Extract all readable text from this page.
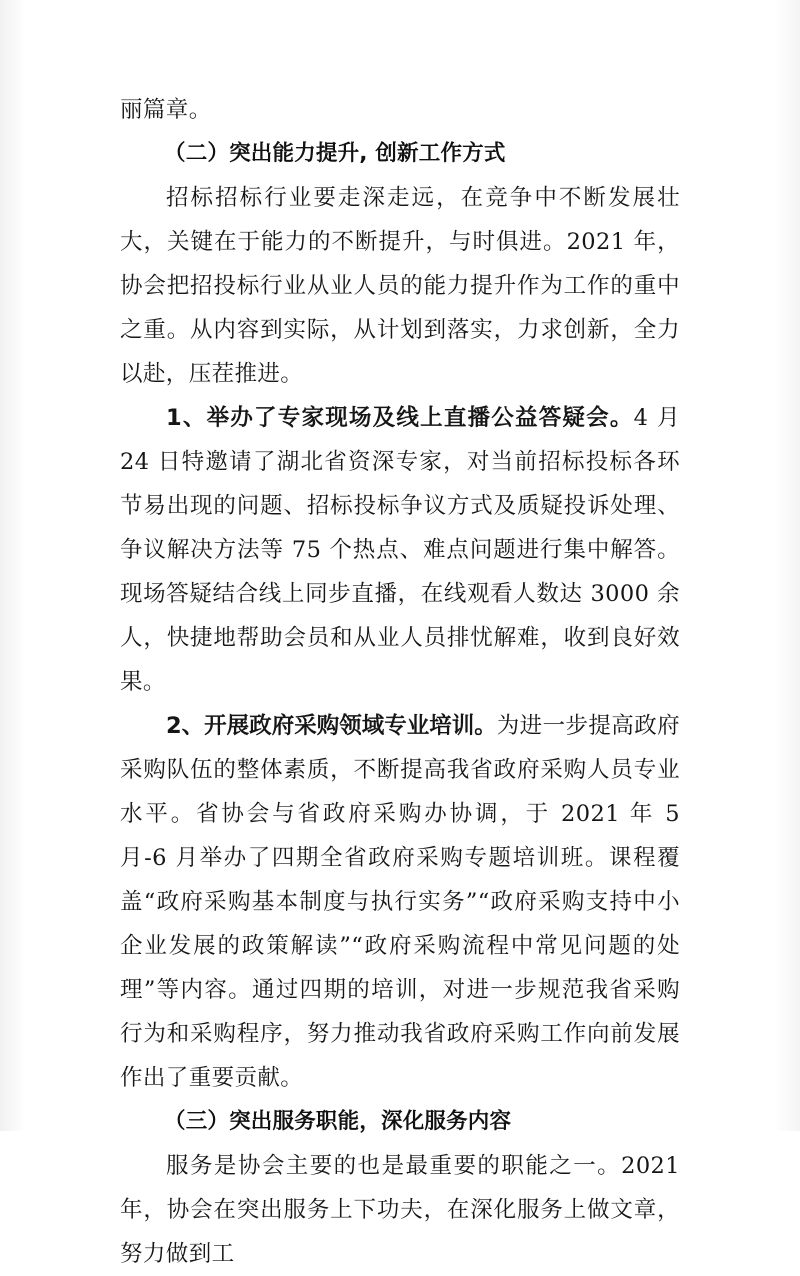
丽篇章。

（二）突出能力提升, 创新工作方式

招标招标行业要走深走远，在竞争中不断发展壮大，关键在于能力的不断提升，与时俱进。2021 年，协会把招投标行业从业人员的能力提升作为工作的重中之重。从内容到实际，从计划到落实，力求创新，全力以赴，压茬推进。

1、举办了专家现场及线上直播公益答疑会。4 月 24 日特邀请了湖北省资深专家，对当前招标投标各环节易出现的问题、招标投标争议方式及质疑投诉处理、争议解决方法等 75 个热点、难点问题进行集中解答。现场答疑结合线上同步直播，在线观看人数达 3000 余人，快捷地帮助会员和从业人员排忧解难，收到良好效果。

2、开展政府采购领域专业培训。为进一步提高政府采购队伍的整体素质，不断提高我省政府采购人员专业水平。省协会与省政府采购办协调，于 2021 年 5 月-6 月举办了四期全省政府采购专题培训班。课程覆盖“政府采购基本制度与执行实务”“政府采购支持中小企业发展的政策解读”“政府采购流程中常见问题的处理”等内容。通过四期的培训，对进一步规范我省采购行为和采购程序，努力推动我省政府采购工作向前发展作出了重要贡献。

（三）突出服务职能，深化服务内容

服务是协会主要的也是最重要的职能之一。2021 年，协会在突出服务上下功夫，在深化服务上做文章，努力做到工
